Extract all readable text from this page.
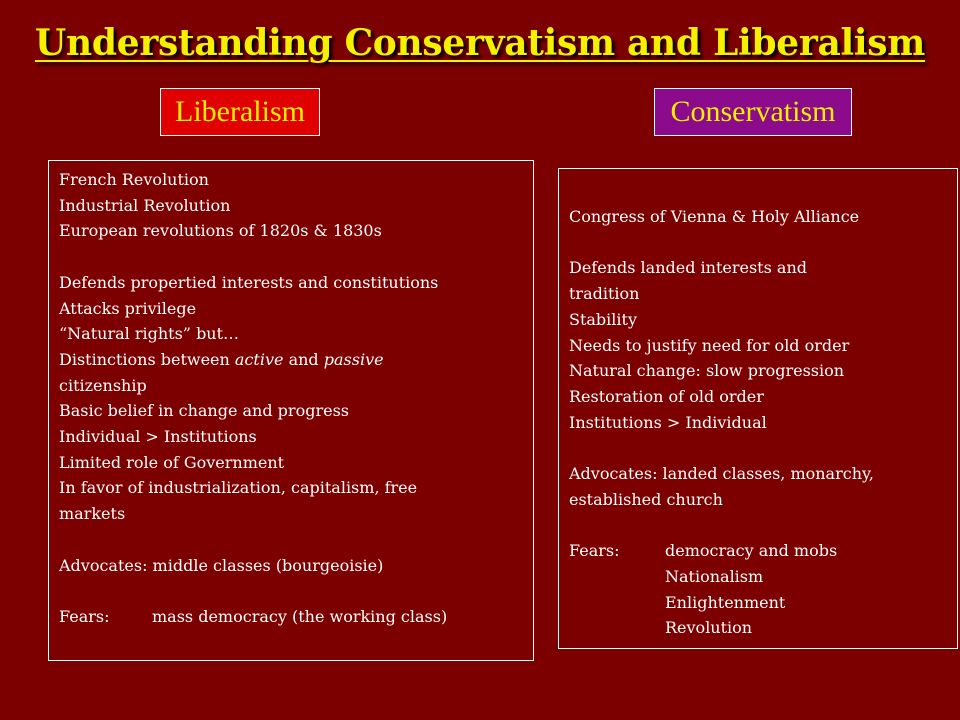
Understanding Conservatism and Liberalism
Liberalism	Conservatism
French Revolution
Industrial Revolution
European revolutions of 1820s & 1830s
Defends propertied interests and constitutions
Attacks privilege
“Natural rights” but…
Distinctions between active and passive
citizenship
Basic belief in change and progress
Individual > Institutions
Limited role of Government
In favor of industrialization, capitalism, free
markets
Advocates: middle classes (bourgeoisie)
Fears:	mass democracy (the working class)
Congress of Vienna & Holy Alliance
Defends landed interests and
tradition
Stability
Needs to justify need for old order
Natural change: slow progression
Restoration of old order
Institutions > Individual
Advocates: landed classes, monarchy,
established church
Fears:	democracy and mobs
Nationalism
Enlightenment
Revolution
